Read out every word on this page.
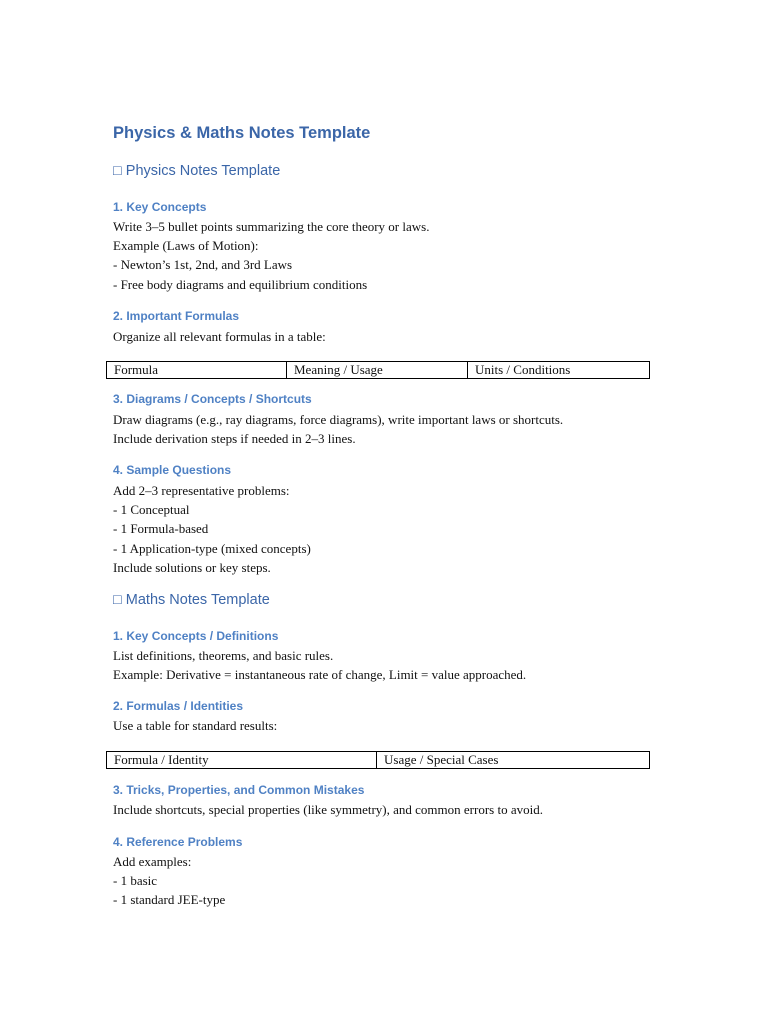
Physics & Maths Notes Template
□ Physics Notes Template
1. Key Concepts
Write 3–5 bullet points summarizing the core theory or laws.
Example (Laws of Motion):
- Newton’s 1st, 2nd, and 3rd Laws
- Free body diagrams and equilibrium conditions
2. Important Formulas
Organize all relevant formulas in a table:
Formula	Meaning / Usage	Units / Conditions
3. Diagrams / Concepts / Shortcuts
Draw diagrams (e.g., ray diagrams, force diagrams), write important laws or shortcuts.
Include derivation steps if needed in 2–3 lines.
4. Sample Questions
Add 2–3 representative problems:
- 1 Conceptual
- 1 Formula-based
- 1 Application-type (mixed concepts)
Include solutions or key steps.
□ Maths Notes Template
1. Key Concepts / Definitions
List definitions, theorems, and basic rules.
Example: Derivative = instantaneous rate of change, Limit = value approached.
2. Formulas / Identities
Use a table for standard results:
Formula / Identity	Usage / Special Cases
3. Tricks, Properties, and Common Mistakes
Include shortcuts, special properties (like symmetry), and common errors to avoid.
4. Reference Problems
Add examples:
- 1 basic
- 1 standard JEE-type
